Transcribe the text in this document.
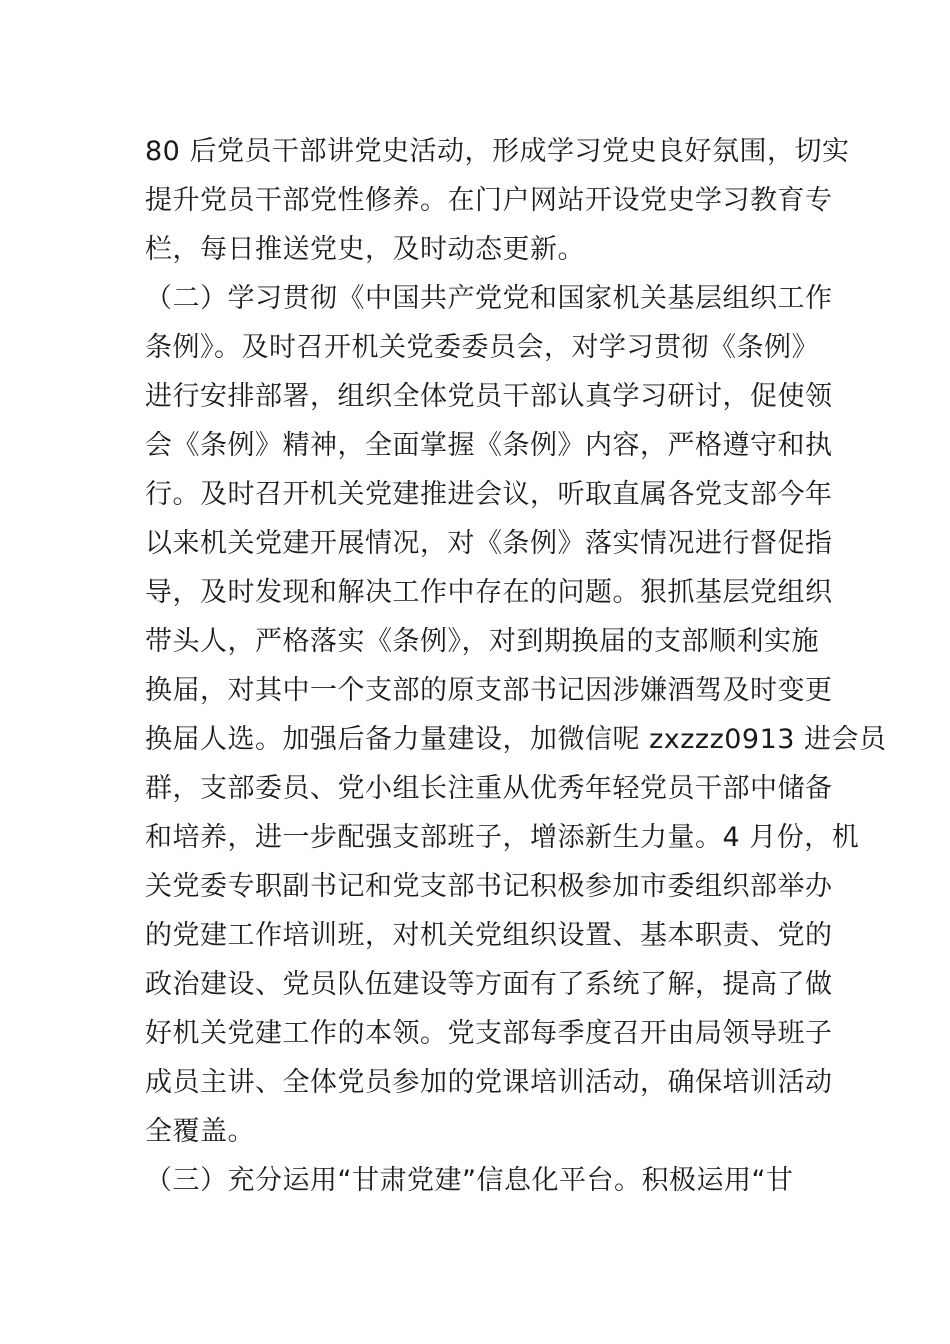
80 后党员干部讲党史活动，形成学习党史良好氛围，切实
提升党员干部党性修养。在门户网站开设党史学习教育专
栏，每日推送党史，及时动态更新。
（二）学习贯彻《中国共产党党和国家机关基层组织工作
条例》。及时召开机关党委委员会，对学习贯彻《条例》
进行安排部署，组织全体党员干部认真学习研讨，促使领
会《条例》精神，全面掌握《条例》内容，严格遵守和执
行。及时召开机关党建推进会议，听取直属各党支部今年
以来机关党建开展情况，对《条例》落实情况进行督促指
导，及时发现和解决工作中存在的问题。狠抓基层党组织
带头人，严格落实《条例》，对到期换届的支部顺利实施
换届，对其中一个支部的原支部书记因涉嫌酒驾及时变更
换届人选。加强后备力量建设，加微信呢 zxzzz0913 进会员
群，支部委员、党小组长注重从优秀年轻党员干部中储备
和培养，进一步配强支部班子，增添新生力量。4 月份，机
关党委专职副书记和党支部书记积极参加市委组织部举办
的党建工作培训班，对机关党组织设置、基本职责、党的
政治建设、党员队伍建设等方面有了系统了解，提高了做
好机关党建工作的本领。党支部每季度召开由局领导班子
成员主讲、全体党员参加的党课培训活动，确保培训活动
全覆盖。
（三）充分运用“甘肃党建”信息化平台。积极运用“甘
